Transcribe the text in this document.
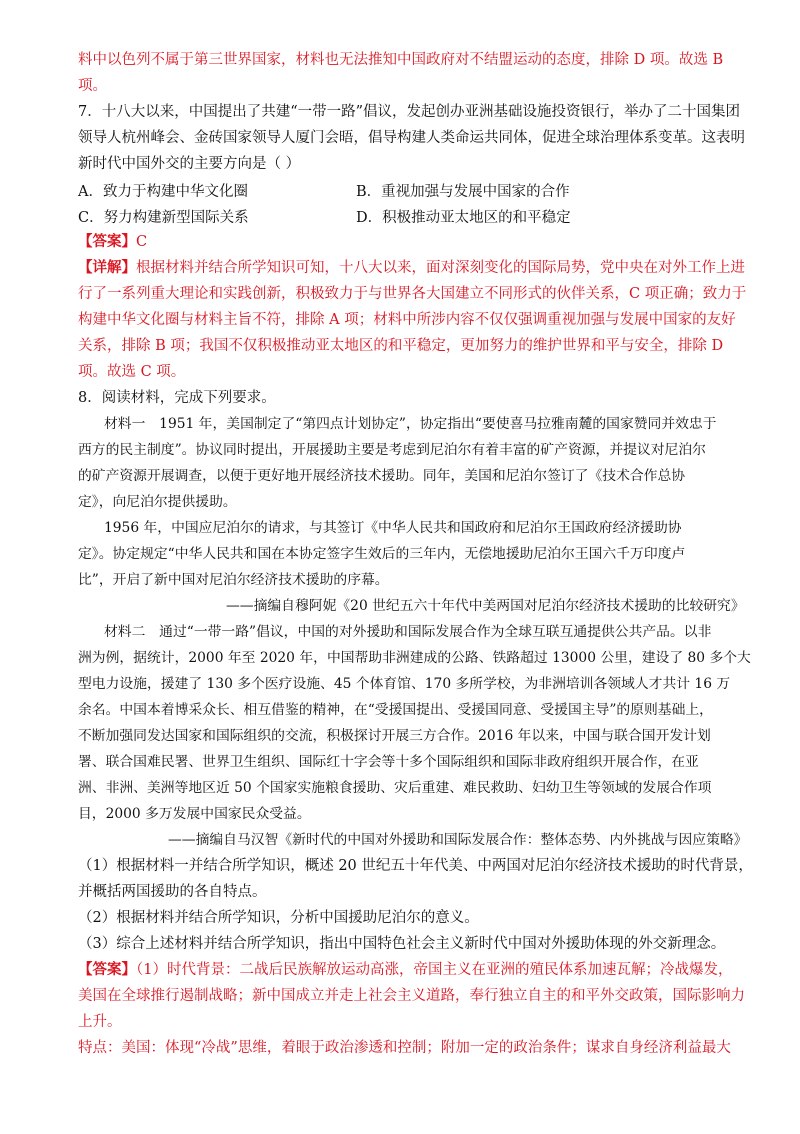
料中以色列不属于第三世界国家，材料也无法推知中国政府对不结盟运动的态度，排除 D 项。故选 B
项。
7．十八大以来，中国提出了共建“一带一路”倡议，发起创办亚洲基础设施投资银行，举办了二十国集团
领导人杭州峰会、金砖国家领导人厦门会晤，倡导构建人类命运共同体，促进全球治理体系变革。这表明
新时代中国外交的主要方向是（ ）
A．致力于构建中华文化圈	B．重视加强与发展中国家的合作
C．努力构建新型国际关系	D．积极推动亚太地区的和平稳定
【答案】C
【详解】根据材料并结合所学知识可知，十八大以来，面对深刻变化的国际局势，党中央在对外工作上进
行了一系列重大理论和实践创新，积极致力于与世界各大国建立不同形式的伙伴关系，C 项正确；致力于
构建中华文化圈与材料主旨不符，排除 A 项；材料中所涉内容不仅仅强调重视加强与发展中国家的友好
关系，排除 B 项；我国不仅积极推动亚太地区的和平稳定，更加努力的维护世界和平与安全，排除 D
项。故选 C 项。
8．阅读材料，完成下列要求。
材料一　1951 年，美国制定了“第四点计划协定”，协定指出“要使喜马拉雅南麓的国家赞同并效忠于
西方的民主制度”。协议同时提出，开展援助主要是考虑到尼泊尔有着丰富的矿产资源，并提议对尼泊尔
的矿产资源开展调查，以便于更好地开展经济技术援助。同年，美国和尼泊尔签订了《技术合作总协
定》，向尼泊尔提供援助。
1956 年，中国应尼泊尔的请求，与其签订《中华人民共和国政府和尼泊尔王国政府经济援助协
定》。协定规定“中华人民共和国在本协定签字生效后的三年内，无偿地援助尼泊尔王国六千万印度卢
比”，开启了新中国对尼泊尔经济技术援助的序幕。
——摘编自穆阿妮《20 世纪五六十年代中美两国对尼泊尔经济技术援助的比较研究》
材料二　通过“一带一路”倡议，中国的对外援助和国际发展合作为全球互联互通提供公共产品。以非
洲为例，据统计，2000 年至 2020 年，中国帮助非洲建成的公路、铁路超过 13000 公里，建设了 80 多个大
型电力设施，援建了 130 多个医疗设施、45 个体育馆、170 多所学校，为非洲培训各领域人才共计 16 万
余名。中国本着博采众长、相互借鉴的精神，在“受援国提出、受援国同意、受援国主导”的原则基础上，
不断加强同发达国家和国际组织的交流，积极探讨开展三方合作。2016 年以来，中国与联合国开发计划
署、联合国难民署、世界卫生组织、国际红十字会等十多个国际组织和国际非政府组织开展合作，在亚
洲、非洲、美洲等地区近 50 个国家实施粮食援助、灾后重建、难民救助、妇幼卫生等领域的发展合作项
目，2000 多万发展中国家民众受益。
——摘编自马汉智《新时代的中国对外援助和国际发展合作：整体态势、内外挑战与因应策略》
（1）根据材料一并结合所学知识，概述 20 世纪五十年代美、中两国对尼泊尔经济技术援助的时代背景，
并概括两国援助的各自特点。
（2）根据材料并结合所学知识，分析中国援助尼泊尔的意义。
（3）综合上述材料并结合所学知识，指出中国特色社会主义新时代中国对外援助体现的外交新理念。
【答案】（1）时代背景：二战后民族解放运动高涨，帝国主义在亚洲的殖民体系加速瓦解；冷战爆发，
美国在全球推行遏制战略；新中国成立并走上社会主义道路，奉行独立自主的和平外交政策，国际影响力
上升。
特点：美国：体现“冷战”思维，着眼于政治渗透和控制；附加一定的政治条件；谋求自身经济利益最大
